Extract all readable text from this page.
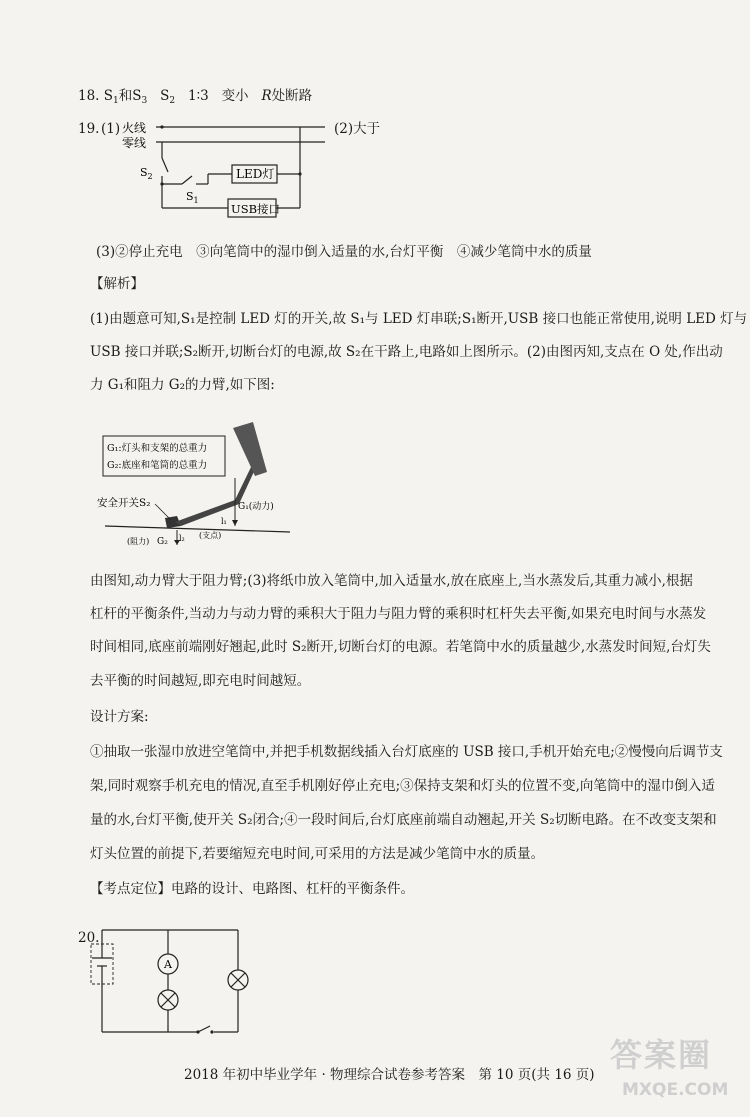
18. $S_1$和$S_3$ $S_2$ 1∶3 变小 R处断路
19. (1)	(2)大于
火线
零线
$S_2$
$S_1$
LED灯
USB接口
(3)②停止充电　③向笔筒中的湿巾倒入适量的水,台灯平衡　④减少笔筒中水的质量
【解析】
(1)由题意可知,S₁是控制 LED 灯的开关,故 S₁与 LED 灯串联;S₁断开,USB 接口也能正常使用,说明 LED 灯与
USB 接口并联;S₂断开,切断台灯的电源,故 S₂在干路上,电路如上图所示。(2)由图丙知,支点在 O 处,作出动
力 G₁和阻力 G₂的力臂,如下图:
G₁:灯头和支架的总重力
G₂:底座和笔筒的总重力
安全开关S₂	G₁(动力)
(阻力) G₂ l₂
l₁
(支点)
由图知,动力臂大于阻力臂;(3)将纸巾放入笔筒中,加入适量水,放在底座上,当水蒸发后,其重力减小,根据
杠杆的平衡条件,当动力与动力臂的乘积大于阻力与阻力臂的乘积时杠杆失去平衡,如果充电时间与水蒸发
时间相同,底座前端刚好翘起,此时 S₂断开,切断台灯的电源。若笔筒中水的质量越少,水蒸发时间短,台灯失
去平衡的时间越短,即充电时间越短。
设计方案:
①抽取一张湿巾放进空笔筒中,并把手机数据线插入台灯底座的 USB 接口,手机开始充电;②慢慢向后调节支
架,同时观察手机充电的情况,直至手机刚好停止充电;③保持支架和灯头的位置不变,向笔筒中的湿巾倒入适
量的水,台灯平衡,使开关 S₂闭合;④一段时间后,台灯底座前端自动翘起,开关 S₂切断电路。在不改变支架和
灯头位置的前提下,若要缩短充电时间,可采用的方法是减少笔筒中水的质量。
【考点定位】电路的设计、电路图、杠杆的平衡条件。
20.
A
2018 年初中毕业学年 · 物理综合试卷参考答案　第 10 页(共 16 页)
答案圈
MXQE.COM
